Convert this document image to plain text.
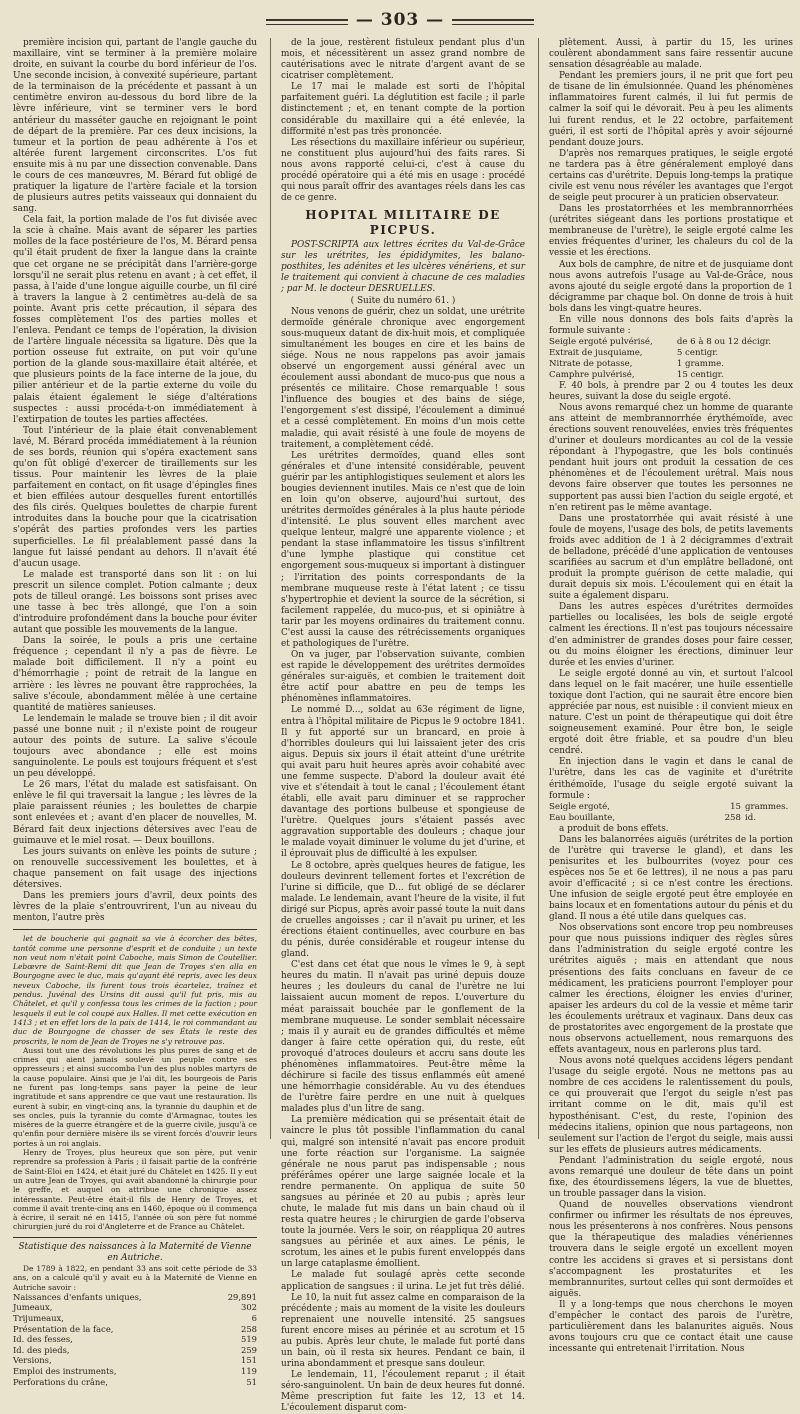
— 303 —

première incision qui, partant de l'angle gauche du maxillaire, vint se terminer à la première molaire droite, en suivant la courbe du bord inférieur de l'os. Une seconde incision, à convexité supérieure, partant de la terminaison de la précédente et passant à un centimètre environ au-dessous du bord libre de la lèvre inférieure, vint se terminer vers le bord antérieur du masséter gauche en rejoignant le point de départ de la première. Par ces deux incisions, la tumeur et la portion de peau adhérente à l'os et altérée furent largement circonscrites. L'os fut ensuite mis à nu par une dissection convenable. Dans le cours de ces manœuvres, M. Bérard fut obligé de pratiquer la ligature de l'artère faciale et la torsion de plusieurs autres petits vaisseaux qui donnaient du sang.

Cela fait, la portion malade de l'os fut divisée avec la scie à chaîne. Mais avant de séparer les parties molles de la face postérieure de l'os, M. Bérard pensa qu'il était prudent de fixer la langue dans la crainte que cet organe ne se précipitât dans l'arrière-gorge lorsqu'il ne serait plus retenu en avant ; à cet effet, il passa, à l'aide d'une longue aiguille courbe, un fil ciré à travers la langue à 2 centimètres au-delà de sa pointe. Avant pris cette précaution, il sépara des fosses complètement l'os des parties molles et l'enleva. Pendant ce temps de l'opération, la division de l'artère linguale nécessita sa ligature. Dès que la portion osseuse fut extraite, on put voir qu'une portion de la glande sous-maxillaire était altérée, et que plusieurs points de la face interne de la joue, du pilier antérieur et de la partie externe du voile du palais étaient également le siége d'altérations suspectes : aussi procéda-t-on immédiatement à l'extirpation de toutes les parties affectées.

Tout l'intérieur de la plaie était convenablement lavé, M. Bérard procéda immédiatement à la réunion de ses bords, réunion qui s'opéra exactement sans qu'on fût obligé d'exercer de tiraillements sur les tissus. Pour maintenir les lèvres de la plaie parfaitement en contact, on fit usage d'épingles fines et bien effilées autour desquelles furent entortillés des fils cirés. Quelques boulettes de charpie furent introduites dans la bouche pour que la cicatrisation s'opérât des parties profondes vers les parties superficielles. Le fil préalablement passé dans la langue fut laissé pendant au dehors. Il n'avait été d'aucun usage.

Le malade est transporté dans son lit : on lui prescrit un silence complet. Potion calmante ; deux pots de tilleul orangé. Les boissons sont prises avec une tasse à bec très allongé, que l'on a soin d'introduire profondément dans la bouche pour éviter autant que possible les mouvements de la langue.

Dans la soirée, le pouls a pris une certaine fréquence ; cependant il n'y a pas de fièvre. Le malade boit difficilement. Il n'y a point eu d'hémorrhagie ; point de retrait de la langue en arrière : les lèvres ne pouvant être rapprochées, la salive s'écoule, abondamment mêlée à une certaine quantité de matières sanieuses.

Le lendemain le malade se trouve bien ; il dit avoir passé une bonne nuit ; il n'existe point de rougeur autour des points de suture. La salive s'écoule toujours avec abondance ; elle est moins sanguinolente. Le pouls est toujours fréquent et s'est un peu développé.

Le 26 mars, l'état du malade est satisfaisant. On enlève le fil qui traversait la langue ; les lèvres de la plaie paraissent réunies ; les boulettes de charpie sont enlevées et ; avant d'en placer de nouvelles, M. Bérard fait deux injections détersives avec l'eau de guimauve et le miel rosat. — Deux bouillons.

Les jours suivants on enlève les points de suture ; on renouvelle successivement les boulettes, et à chaque pansement on fait usage des injections détersives.

Dans les premiers jours d'avril, deux points des lèvres de la plaie s'entrouvrirent, l'un au niveau du menton, l'autre près

let de boucherie qui gagnait sa vie à écorcher des bêtes, tantôt comme une personne d'esprit et de conduite ; un texte non veut nom n'était point Caboche, mais Simon de Coutellier. Lebœvre de Saint-Remi dit que Jean de Troyes s'en alla en Bourgogne avec le duc, mais qu'ayant été repris, avec les deux neveux Caboche, ils furent tous trois écartelez, traînez et pendus. Juvénal des Ursins dit aussi qu'il fut pris, mis au Châtelet, et qu'il y confessa tous les crimes de la faction ; pour lesquels il eut le col coupé aux Halles. Il met cette exécution en 1413 ; et en effet lors de la paix de 1414, le roi commandant au duc de Bourgogne de chasser de ses États le reste des proscrits, le nom de Jean de Troyes ne s'y retrouve pas.

Aussi tout une des révolutions les plus pures de sang et de crimes qui aient jamais soulevé un peuple contre ses oppresseurs ; et ainsi succomba l'un des plus nobles martyrs de la cause populaire. Ainsi que je l'ai dit, les bourgeois de Paris ne furent pas long-temps sans payer la peine de leur ingratitude et sans apprendre ce que vaut une restauration. Ils eurent à subir, en vingt-cinq ans, la tyrannie du dauphin et de ses oncles, puis la tyrannie du comte d'Armagnac, toutes les misères de la guerre étrangère et de la guerre civile, jusqu'à ce qu'enfin pour dernière misère ils se virent forcés d'ouvrir leurs portes à un roi anglais.

Henry de Troyes, plus heureux que son père, put venir reprendre sa profession à Paris ; il faisait partie de la confrérie de Saint-Eloi en 1424, et était juré du Châtelet en 1425. Il y eut un autre Jean de Troyes, qui avait abandonné la chirurgie pour le greffe, et auquel on attribue une chronique assez intéressante. Peut-être était-il fils de Henry de Troyes, et comme il avait trente-cinq ans en 1460, époque où il commença à écrire, il serait né en 1415, l'année où son père fut nommé chirurgien juré du roi d'Angleterre et de France au Châtelet.

Statistique des naissances à la Maternité de Vienne en Autriche.

De 1789 à 1822, en pendant 33 ans soit cette période de 33 ans, on a calculé qu'il y avait eu à la Maternité de Vienne en Autriche savoir :

Naissances d'enfants uniques,	29,891
Jumeaux,	302
Trijumeaux,	6
Présentation de la face,	258
Id. des fesses,	519
Id. des pieds,	259
Versions,	151
Emploi des instruments,	119
Perforations du crâne,	51

de la joue, restèrent fistuleux pendant plus d'un mois, et nécessitèrent un assez grand nombre de cautérisations avec le nitrate d'argent avant de se cicatriser complètement.

Le 17 mai le malade est sorti de l'hôpital parfaitement guéri. La déglutition est facile ; il parle distinctement ; et, en tenant compte de la portion considérable du maxillaire qui a été enlevée, la difformité n'est pas très prononcée.

Les résections du maxillaire inférieur ou supérieur, ne constituent plus aujourd'hui des faits rares. Si nous avons rapporté celui-ci, c'est à cause du procédé opératoire qui a été mis en usage : procédé qui nous paraît offrir des avantages réels dans les cas de ce genre.

HOPITAL MILITAIRE DE PICPUS.

POST-SCRIPTA aux lettres écrites du Val-de-Grâce sur les urétrites, les épididymites, les balano-posthites, les adénites et les ulcères vénériens, et sur le traitement qui convient à chacune de ces maladies ; par M. le docteur DESRUELLES.

( Suite du numéro 61. )

Nous venons de guérir, chez un soldat, une urétrite dermoïde générale chronique avec engorgement sous-muqueux datant de dix-huit mois, et compliquée simultanément les bouges en cire et les bains de siége. Nous ne nous rappelons pas avoir jamais observé un engorgement aussi général avec un écoulement aussi abondant de muco-pus que nous a présentés ce militaire. Chose remarquable ! sous l'influence des bougies et des bains de siége, l'engorgement s'est dissipé, l'écoulement a diminué et a cessé complètement. En moins d'un mois cette maladie, qui avait résisté à une foule de moyens de traitement, a complètement cédé.

Les urétrites dermoïdes, quand elles sont générales et d'une intensité considérable, peuvent guérir par les antiphlogistiques seulement et alors les bougies deviennent inutiles. Mais ce n'est que de loin en loin qu'on observe, aujourd'hui surtout, des urétrites dermoïdes générales à la plus haute période d'intensité. Le plus souvent elles marchent avec quelque lenteur, malgré une apparente violence ; et pendant la stase inflammatoire les tissus s'infiltrent d'une lymphe plastique qui constitue cet engorgement sous-muqueux si important à distinguer ; l'irritation des points correspondants de la membrane muqueuse reste à l'état latent ; ce tissu s'hypertrophie et devient la source de la sécrétion, si facilement rappelée, du muco-pus, et si opiniâtre à tarir par les moyens ordinaires du traitement connu. C'est aussi la cause des rétrécissements organiques et pathologiques de l'urètre.

On va juger, par l'observation suivante, combien est rapide le développement des urétrites dermoïdes générales sur-aiguës, et combien le traitement doit être actif pour abattre en peu de temps les phénomènes inflammatoires.

Le nommé D..., soldat au 63e régiment de ligne, entra à l'hôpital militaire de Picpus le 9 octobre 1841. Il y fut apporté sur un brancard, en proie à d'horribles douleurs qui lui laissaient jeter des cris aigus. Depuis six jours il était atteint d'une urétrite qui avait paru huit heures après avoir cohabité avec une femme suspecte. D'abord la douleur avait été vive et s'étendait à tout le canal ; l'écoulement étant établi, elle avait paru diminuer et se rapprocher davantage des portions bulbeuse et spongieuse de l'urètre. Quelques jours s'étaient passés avec aggravation supportable des douleurs ; chaque jour le malade voyait diminuer le volume du jet d'urine, et il éprouvait plus de difficulté à les expulser.

Le 8 octobre, après quelques heures de fatigue, les douleurs devinrent tellement fortes et l'excrétion de l'urine si difficile, que D... fut obligé de se déclarer malade. Le lendemain, avant l'heure de la visite, il fut dirigé sur Picpus, après avoir passé toute la nuit dans de cruelles angoisses ; car il n'avait pu uriner, et les érections étaient continuelles, avec courbure en bas du pénis, durée considérable et rougeur intense du gland.

C'est dans cet état que nous le vîmes le 9, à sept heures du matin. Il n'avait pas uriné depuis douze heures ; les douleurs du canal de l'urètre ne lui laissaient aucun moment de repos. L'ouverture du méat paraissait bouchée par le gonflement de la membrane muqueuse. Le sonder semblait nécessaire ; mais il y aurait eu de grandes difficultés et même danger à faire cette opération qui, du reste, eût provoqué d'atroces douleurs et accru sans doute les phénomènes inflammatoires. Peut-être même la déchirure si facile des tissus enflammés eût amené une hémorrhagie considérable. Au vu des étendues de l'urètre faire perdre en une nuit à quelques malades plus d'un litre de sang.

La première médication qui se présentait était de vaincre le plus tôt possible l'inflammation du canal qui, malgré son intensité n'avait pas encore produit une forte réaction sur l'organisme. La saignée générale ne nous parut pas indispensable ; nous préférâmes opérer une large saignée locale et la rendre permanente. On appliqua de suite 50 sangsues au périnée et 20 au pubis ; après leur chute, le malade fut mis dans un bain chaud où il resta quatre heures ; le chirurgien de garde l'observa toute la journée. Vers le soir, on réappliqua 20 autres sangsues au périnée et aux aines. Le pénis, le scrotum, les aines et le pubis furent enveloppés dans un large cataplasme émollient.

Le malade fut soulagé après cette seconde application de sangsues : il urina. Le jet fut très délié.

Le 10, la nuit fut assez calme en comparaison de la précédente ; mais au moment de la visite les douleurs reprenaient une nouvelle intensité. 25 sangsues furent encore mises au périnée et au scrotum et 15 au pubis. Après leur chute, le malade fut porté dans un bain, où il resta six heures. Pendant ce bain, il urina abondamment et presque sans douleur.

Le lendemain, 11, l'écoulement reparut ; il était séro-sanguinolent. Un bain de deux heures fut donné. Même prescription fut faite les 12, 13 et 14. L'écoulement disparut com-

plètement. Aussi, à partir du 15, les urines coulèrent abondamment sans faire ressentir aucune sensation désagréable au malade.

Pendant les premiers jours, il ne prit que fort peu de tisane de lin émulsionnée. Quand les phénomènes inflammatoires furent calmés, il lui fut permis de calmer la soif qui le dévorait. Peu à peu les aliments lui furent rendus, et le 22 octobre, parfaitement guéri, il est sorti de l'hôpital après y avoir séjourné pendant douze jours.

D'après nos remarques pratiques, le seigle ergoté ne tardera pas à être généralement employé dans certains cas d'urétrite. Depuis long-temps la pratique civile est venu nous révéler les avantages que l'ergot de seigle peut procurer à un praticien observateur.

Dans les prostatorrhées et les membrannorrhées (urétrites siégeant dans les portions prostatique et membraneuse de l'urètre), le seigle ergoté calme les envies fréquentes d'uriner, les chaleurs du col de la vessie et les érections.

Aux bols de camphre, de nitre et de jusquiame dont nous avons autrefois l'usage au Val-de-Grâce, nous avons ajouté du seigle ergoté dans la proportion de 1 décigramme par chaque bol. On donne de trois à huit bols dans les vingt-quatre heures.

En ville nous donnons des bols faits d'après la formule suivante :

Seigle ergoté pulvérisé,	de 6 à 8 ou 12 décigr.
Extrait de jusquiame,	5 centigr.
Nitrate de potasse,	1 gramme.
Camphre pulvérisé,	15 centigr.

F. 40 bols, à prendre par 2 ou 4 toutes les deux heures, suivant la dose du seigle ergoté.

Nous avons remarqué chez un homme de quarante ans atteint de membrannorrhée érythémoïde, avec érections souvent renouvelées, envies très fréquentes d'uriner et douleurs mordicantes au col de la vessie répondant à l'hypogastre, que les bols continués pendant huit jours ont produit la cessation de ces phénomènes et de l'écoulement urétral. Mais nous devons faire observer que toutes les personnes ne supportent pas aussi bien l'action du seigle ergoté, et n'en retirent pas le même avantage.

Dans une prostatorrhée qui avait résisté à une foule de moyens, l'usage des bols, de petits lavements froids avec addition de 1 à 2 décigrammes d'extrait de belladone, précédé d'une application de ventouses scarifiées au sacrum et d'un emplâtre belladoné, ont produit la prompte guérison de cette maladie, qui durait depuis six mois. L'écoulement qui en était la suite a également disparu.

Dans les autres espèces d'urétrites dermoïdes partielles ou localisées, les bols de seigle ergoté calment les érections. Il n'est pas toujours nécessaire d'en administrer de grandes doses pour faire cesser, ou du moins éloigner les érections, diminuer leur durée et les envies d'uriner.

Le seigle ergoté donné au vin, et surtout l'alcool dans lequel on le fait macérer, une huile essentielle toxique dont l'action, qui ne saurait être encore bien appréciée par nous, est nuisible : il convient mieux en nature. C'est un point de thérapeutique qui doit être soigneusement examiné. Pour être bon, le seigle ergoté doit être friable, et sa poudre d'un bleu cendré.

En injection dans le vagin et dans le canal de l'urètre, dans les cas de vaginite et d'urétrite érithémoïde, l'usage du seigle ergoté suivant la formule :

Seigle ergoté,	15	grammes.
Eau bouillante,	258	id.

a produit de bons effets.

Dans les balanorrées aiguës (urétrites de la portion de l'urètre qui traverse le gland), et dans les penisurites et les bulbourrites (voyez pour ces espèces nos 5e et 6e lettres), il ne nous a pas paru avoir d'efficacité ; si ce n'est contre les érections. Une infusion de seigle ergoté peut être employée en bains locaux et en fomentations autour du pénis et du gland. Il nous a été utile dans quelques cas.

Nos observations sont encore trop peu nombreuses pour que nous puissions indiquer des règles sûres dans l'administration du seigle ergoté contre les urétrites aiguës ; mais en attendant que nous présentions des faits concluans en faveur de ce médicament, les praticiens pourront l'employer pour calmer les érections, éloigner les envies d'uriner, apaiser les ardeurs du col de la vessie et même tarir les écoulements urétraux et vaginaux. Dans deux cas de prostatorites avec engorgement de la prostate que nous observons actuellement, nous remarquons des effets avantageux, nous en parlerons plus tard.

Nous avons noté quelques accidens légers pendant l'usage du seigle ergoté. Nous ne mettons pas au nombre de ces accidens le ralentissement du pouls, ce qui prouverait que l'ergot du seigle n'est pas irritant comme on le dit, mais qu'il est hyposthénisant. C'est, du reste, l'opinion des médecins italiens, opinion que nous partageons, non seulement sur l'action de l'ergot du seigle, mais aussi sur les effets de plusieurs autres médicaments.

Pendant l'administration du seigle ergoté, nous avons remarqué une douleur de tête dans un point fixe, des étourdissemens légers, la vue de bluettes, un trouble passager dans la vision.

Quand de nouvelles observations viendront confirmer ou infirmer les résultats de nos épreuves, nous les présenterons à nos confrères. Nous pensons que la thérapeutique des maladies vénériennes trouvera dans le seigle ergoté un excellent moyen contre les accidens si graves et si persistans dont s'accompagnent les prostaturites et les membrannurites, surtout celles qui sont dermoïdes et aiguës.

Il y a long-temps que nous cherchons le moyen d'empêcher le contact des parois de l'urètre, particulièrement dans les balanurites aiguës. Nous avons toujours cru que ce contact était une cause incessante qui entretenait l'irritation. Nous
